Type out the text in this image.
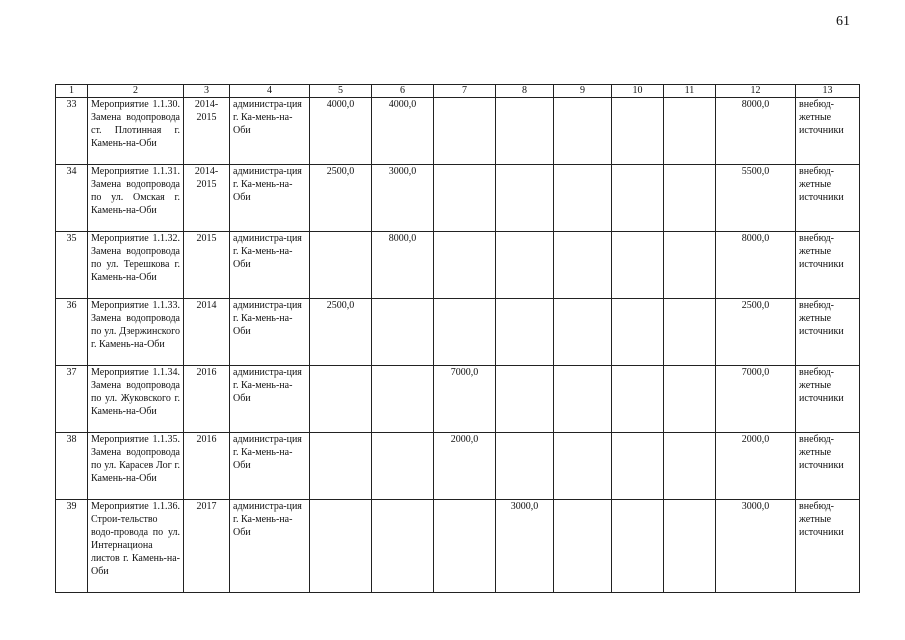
61
1	2	3	4	5	6	7	8	9	10	11	12	13
33	Мероприятие 1.1.30. Замена водопровода ст. Плотинная г. Камень-на-Оби	2014-2015	администра-ция г. Ка-мень-на-Оби	4000,0	4000,0						8000,0	внебюд-жетные источники
34	Мероприятие 1.1.31. Замена водопровода по ул. Омская г. Камень-на-Оби	2014-2015	администра-ция г. Ка-мень-на-Оби	2500,0	3000,0						5500,0	внебюд-жетные источники
35	Мероприятие 1.1.32. Замена водопровода по ул. Терешкова г. Камень-на-Оби	2015	администра-ция г. Ка-мень-на-Оби		8000,0						8000,0	внебюд-жетные источники
36	Мероприятие 1.1.33. Замена водопровода по ул. Дзержинского г. Камень-на-Оби	2014	администра-ция г. Ка-мень-на-Оби	2500,0							2500,0	внебюд-жетные источники
37	Мероприятие 1.1.34. Замена водопровода по ул. Жуковского г. Камень-на-Оби	2016	администра-ция г. Ка-мень-на-Оби			7000,0					7000,0	внебюд-жетные источники
38	Мероприятие 1.1.35. Замена водопровода по ул. Карасев Лог г. Камень-на-Оби	2016	администра-ция г. Ка-мень-на-Оби			2000,0					2000,0	внебюд-жетные источники
39	Мероприятие 1.1.36. Строи-тельство водо-провода по ул. Интернациона листов г. Камень-на-Оби	2017	администра-ция г. Ка-мень-на-Оби				3000,0				3000,0	внебюд-жетные источники
